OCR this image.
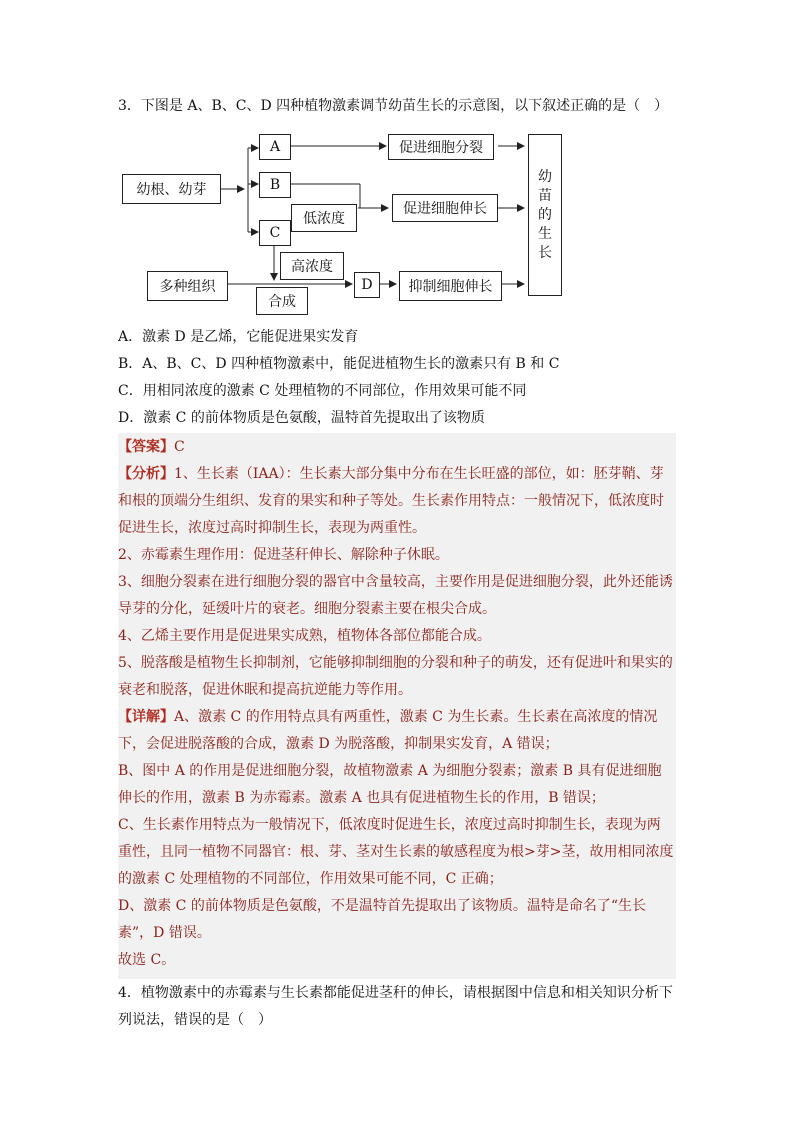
3．下图是 A、B、C、D 四种植物激素调节幼苗生长的示意图，以下叙述正确的是（　）
幼根、幼芽
A
B
C
低浓度
促进细胞分裂
促进细胞伸长
高浓度
多种组织
合成
D	抑制细胞伸长
幼苗的生长
A．激素 D 是乙烯，它能促进果实发育
B．A、B、C、D 四种植物激素中，能促进植物生长的激素只有 B 和 C
C．用相同浓度的激素 C 处理植物的不同部位，作用效果可能不同
D．激素 C 的前体物质是色氨酸，温特首先提取出了该物质

【答案】C

【分析】1、生长素（IAA）：生长素大部分集中分布在生长旺盛的部位，如：胚芽鞘、芽和根的顶端分生组织、发育的果实和种子等处。生长素作用特点：一般情况下，低浓度时促进生长，浓度过高时抑制生长，表现为两重性。

2、赤霉素生理作用：促进茎秆伸长、解除种子休眠。

3、细胞分裂素在进行细胞分裂的器官中含量较高，主要作用是促进细胞分裂，此外还能诱导芽的分化，延缓叶片的衰老。细胞分裂素主要在根尖合成。

4、乙烯主要作用是促进果实成熟，植物体各部位都能合成。

5、脱落酸是植物生长抑制剂，它能够抑制细胞的分裂和种子的萌发，还有促进叶和果实的衰老和脱落，促进休眠和提高抗逆能力等作用。

【详解】A、激素 C 的作用特点具有两重性，激素 C 为生长素。生长素在高浓度的情况下，会促进脱落酸的合成，激素 D 为脱落酸，抑制果实发育，A 错误；

B、图中 A 的作用是促进细胞分裂，故植物激素 A 为细胞分裂素；激素 B 具有促进细胞伸长的作用，激素 B 为赤霉素。激素 A 也具有促进植物生长的作用，B 错误；

C、生长素作用特点为一般情况下，低浓度时促进生长，浓度过高时抑制生长，表现为两重性，且同一植物不同器官：根、芽、茎对生长素的敏感程度为根>芽>茎，故用相同浓度的激素 C 处理植物的不同部位，作用效果可能不同，C 正确；

D、激素 C 的前体物质是色氨酸，不是温特首先提取出了该物质。温特是命名了“生长素”，D 错误。

故选 C。

4．植物激素中的赤霉素与生长素都能促进茎秆的伸长，请根据图中信息和相关知识分析下列说法，错误的是（　）
